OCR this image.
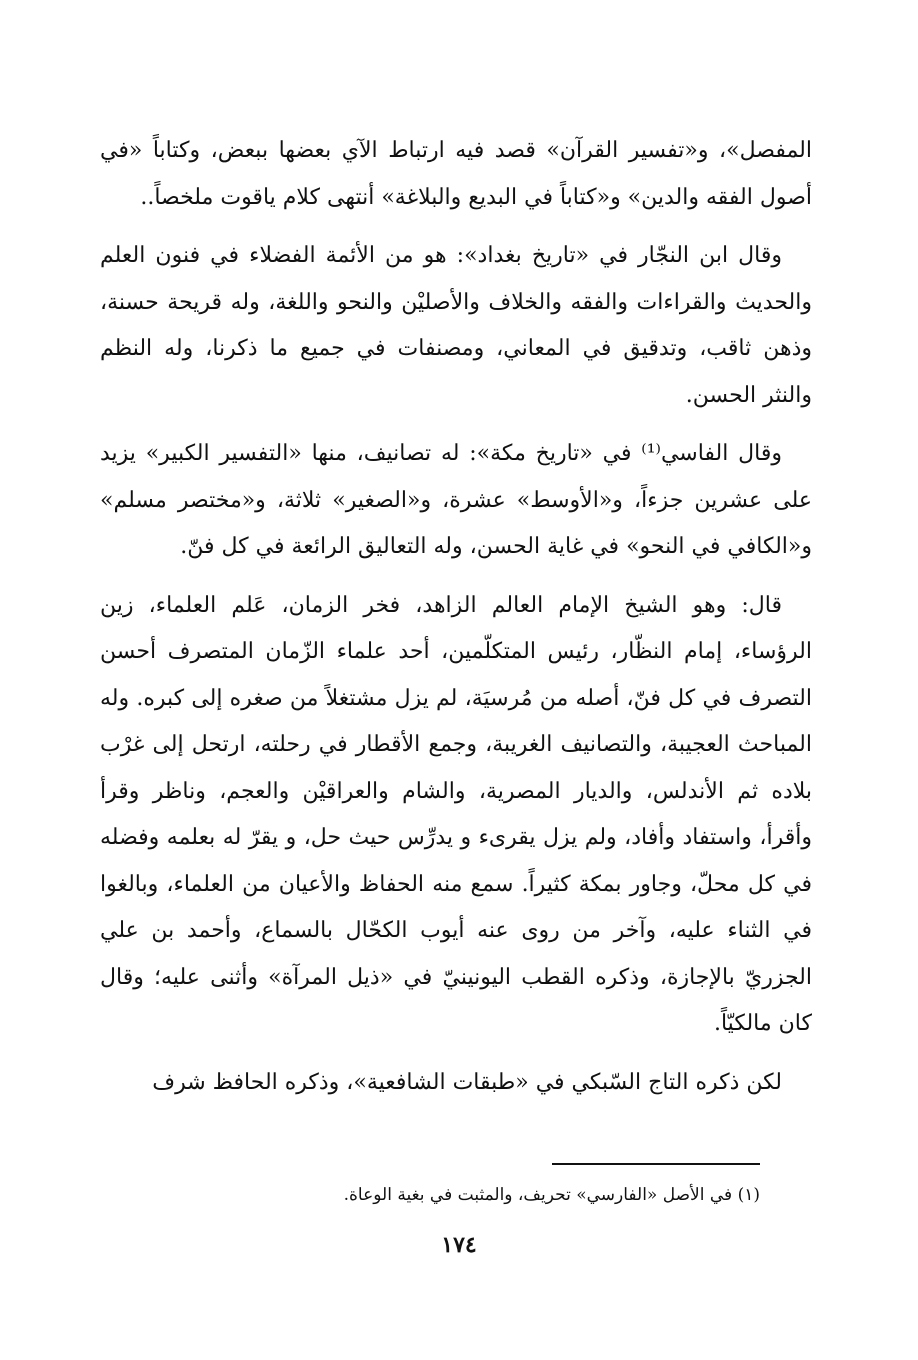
المفصل»، و«تفسير القرآن» قصد فيه ارتباط الآي بعضها ببعض، وكتاباً «في أصول الفقه والدين» و«كتاباً في البديع والبلاغة» أنتهى كلام ياقوت ملخصاً..

وقال ابن النجّار في «تاريخ بغداد»: هو من الأئمة الفضلاء في فنون العلم والحديث والقراءات والفقه والخلاف والأصليْن والنحو واللغة، وله قريحة حسنة، وذهن ثاقب، وتدقيق في المعاني، ومصنفات في جميع ما ذكرنا، وله النظم والنثر الحسن.

وقال الفاسي⁽¹⁾ في «تاريخ مكة»: له تصانيف، منها «التفسير الكبير» يزيد على عشرين جزءاً، و«الأوسط» عشرة، و«الصغير» ثلاثة، و«مختصر مسلم» و«الكافي في النحو» في غاية الحسن، وله التعاليق الرائعة في كل فنّ.

قال: وهو الشيخ الإمام العالم الزاهد، فخر الزمان، عَلم العلماء، زين الرؤساء، إمام النظّار، رئيس المتكلّمين، أحد علماء الزّمان المتصرف أحسن التصرف في كل فنّ، أصله من مُرسيَة، لم يزل مشتغلاً من صغره إلى كبره. وله المباحث العجيبة، والتصانيف الغريبة، وجمع الأقطار في رحلته، ارتحل إلى غرْب بلاده ثم الأندلس، والديار المصرية، والشام والعراقيْن والعجم، وناظر وقرأ وأقرأ، واستفاد وأفاد، ولم يزل يقرىء و يدرِّس حيث حل، و يقرّ له بعلمه وفضله في كل محلّ، وجاور بمكة كثيراً. سمع منه الحفاظ والأعيان من العلماء، وبالغوا في الثناء عليه، وآخر من روى عنه أيوب الكحّال بالسماع، وأحمد بن علي الجزريّ بالإجازة، وذكره القطب اليونينيّ في «ذيل المرآة» وأثنى عليه؛ وقال كان مالكيّاً.

لكن ذكره التاج السّبكي في «طبقات الشافعية»، وذكره الحافظ شرف

(١) في الأصل «الفارسي» تحريف، والمثبت في بغية الوعاة.
١٧٤
